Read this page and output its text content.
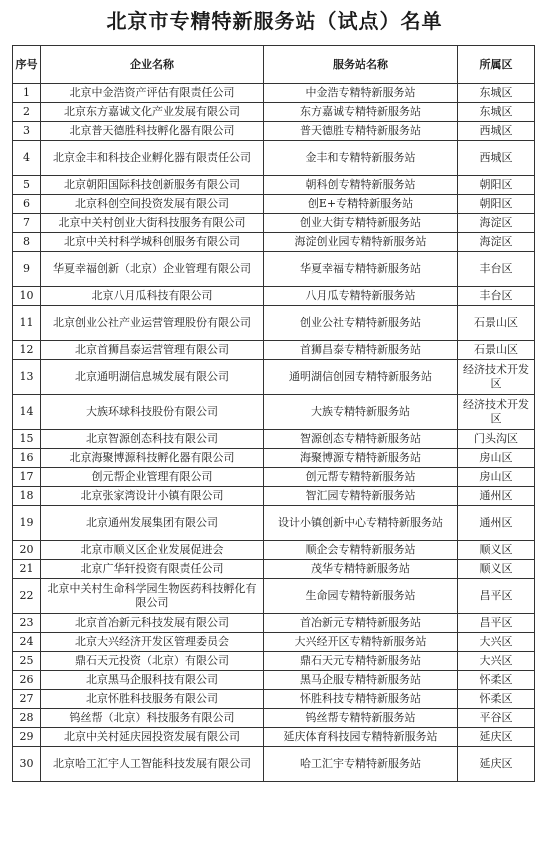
北京市专精特新服务站（试点）名单
序号	企业名称	服务站名称	所属区
1	北京中金浩资产评估有限责任公司	中金浩专精特新服务站	东城区
2	北京东方嘉诚文化产业发展有限公司	东方嘉诚专精特新服务站	东城区
3	北京普天德胜科技孵化器有限公司	普天德胜专精特新服务站	西城区
4	北京金丰和科技企业孵化器有限责任公司	金丰和专精特新服务站	西城区
5	北京朝阳国际科技创新服务有限公司	朝科创专精特新服务站	朝阳区
6	北京科创空间投资发展有限公司	创E+专精特新服务站	朝阳区
7	北京中关村创业大街科技服务有限公司	创业大街专精特新服务站	海淀区
8	北京中关村科学城科创服务有限公司	海淀创业园专精特新服务站	海淀区
9	华夏幸福创新（北京）企业管理有限公司	华夏幸福专精特新服务站	丰台区
10	北京八月瓜科技有限公司	八月瓜专精特新服务站	丰台区
11	北京创业公社产业运营管理股份有限公司	创业公社专精特新服务站	石景山区
12	北京首狮昌泰运营管理有限公司	首狮昌泰专精特新服务站	石景山区
13	北京通明湖信息城发展有限公司	通明湖信创园专精特新服务站	经济技术开发区
14	大族环球科技股份有限公司	大族专精特新服务站	经济技术开发区
15	北京智源创态科技有限公司	智源创态专精特新服务站	门头沟区
16	北京海聚博源科技孵化器有限公司	海聚博源专精特新服务站	房山区
17	创元帮企业管理有限公司	创元帮专精特新服务站	房山区
18	北京张家湾设计小镇有限公司	智汇园专精特新服务站	通州区
19	北京通州发展集团有限公司	设计小镇创新中心专精特新服务站	通州区
20	北京市顺义区企业发展促进会	顺企会专精特新服务站	顺义区
21	北京广华轩投资有限责任公司	茂华专精特新服务站	顺义区
22	北京中关村生命科学园生物医药科技孵化有限公司	生命园专精特新服务站	昌平区
23	北京首冶新元科技发展有限公司	首冶新元专精特新服务站	昌平区
24	北京大兴经济开发区管理委员会	大兴经开区专精特新服务站	大兴区
25	鼎石天元投资（北京）有限公司	鼎石天元专精特新服务站	大兴区
26	北京黑马企服科技有限公司	黑马企服专精特新服务站	怀柔区
27	北京怀胜科技服务有限公司	怀胜科技专精特新服务站	怀柔区
28	钨丝帮（北京）科技服务有限公司	钨丝帮专精特新服务站	平谷区
29	北京中关村延庆园投资发展有限公司	延庆体育科技园专精特新服务站	延庆区
30	北京哈工汇宇人工智能科技发展有限公司	哈工汇宇专精特新服务站	延庆区
